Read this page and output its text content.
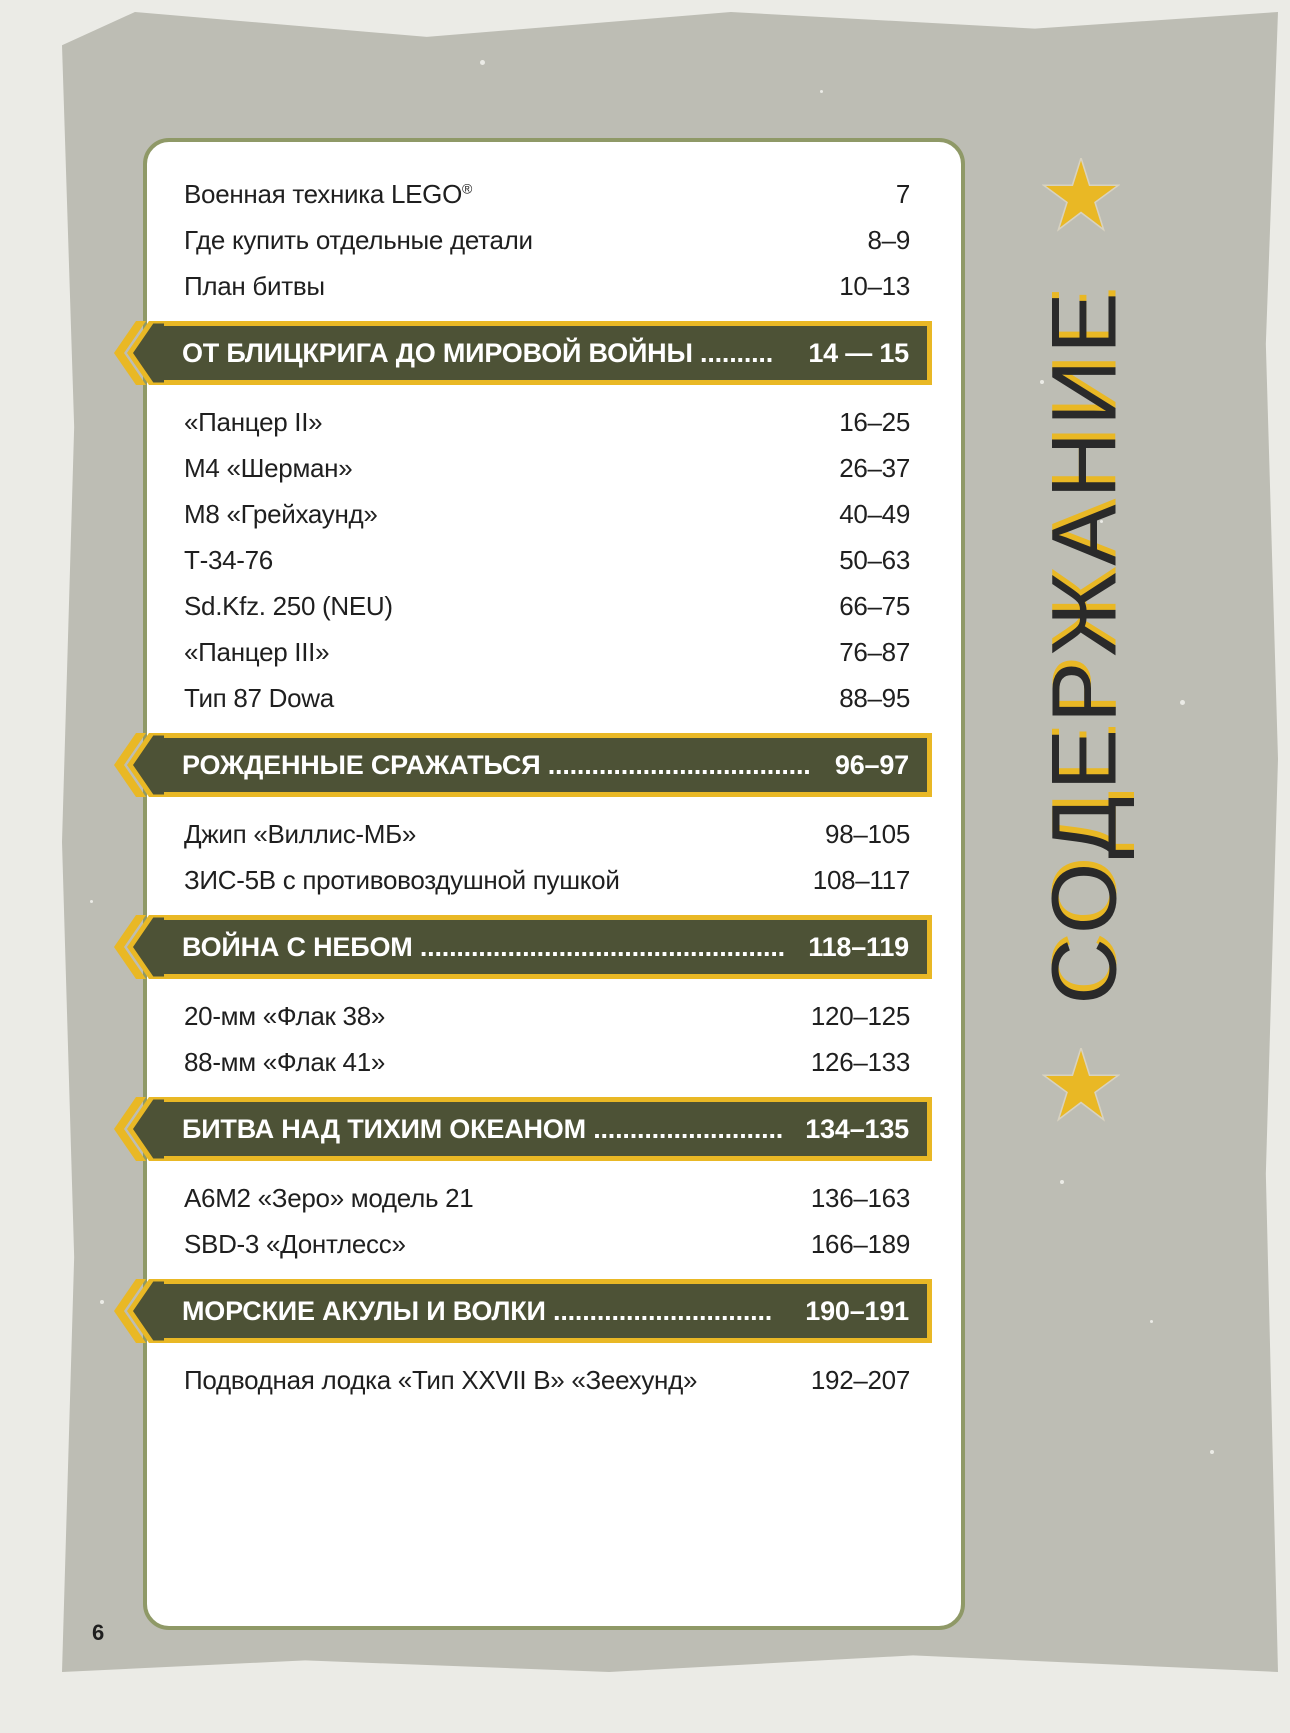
Военная техника LEGO®	7
Где купить отдельные детали	8–9
План битвы	10–13
ОТ БЛИЦКРИГА ДО МИРОВОЙ ВОЙНЫ .......... 14 — 15
«Панцер II»	16–25
M4 «Шерман»	26–37
M8 «Грейхаунд»	40–49
Т-34-76	50–63
Sd.Kfz. 250 (NEU)	66–75
«Панцер III»	76–87
Тип 87 Dowa	88–95
РОЖДЕННЫЕ СРАЖАТЬСЯ .................................... 96–97
Джип «Виллис-МБ»	98–105
ЗИС-5В с противовоздушной пушкой	108–117
ВОЙНА С НЕБОМ .................................................. 118–119
20-мм «Флак 38»	120–125
88-мм «Флак 41»	126–133
БИТВА НАД ТИХИМ ОКЕАНОМ .......................... 134–135
A6M2 «Зеро» модель 21	136–163
SBD-3 «Донтлесс»	166–189
МОРСКИЕ АКУЛЫ И ВОЛКИ .............................. 190–191
Подводная лодка «Тип XXVII B» «Зеехунд»	192–207
СОДЕРЖАНИЕ
6
